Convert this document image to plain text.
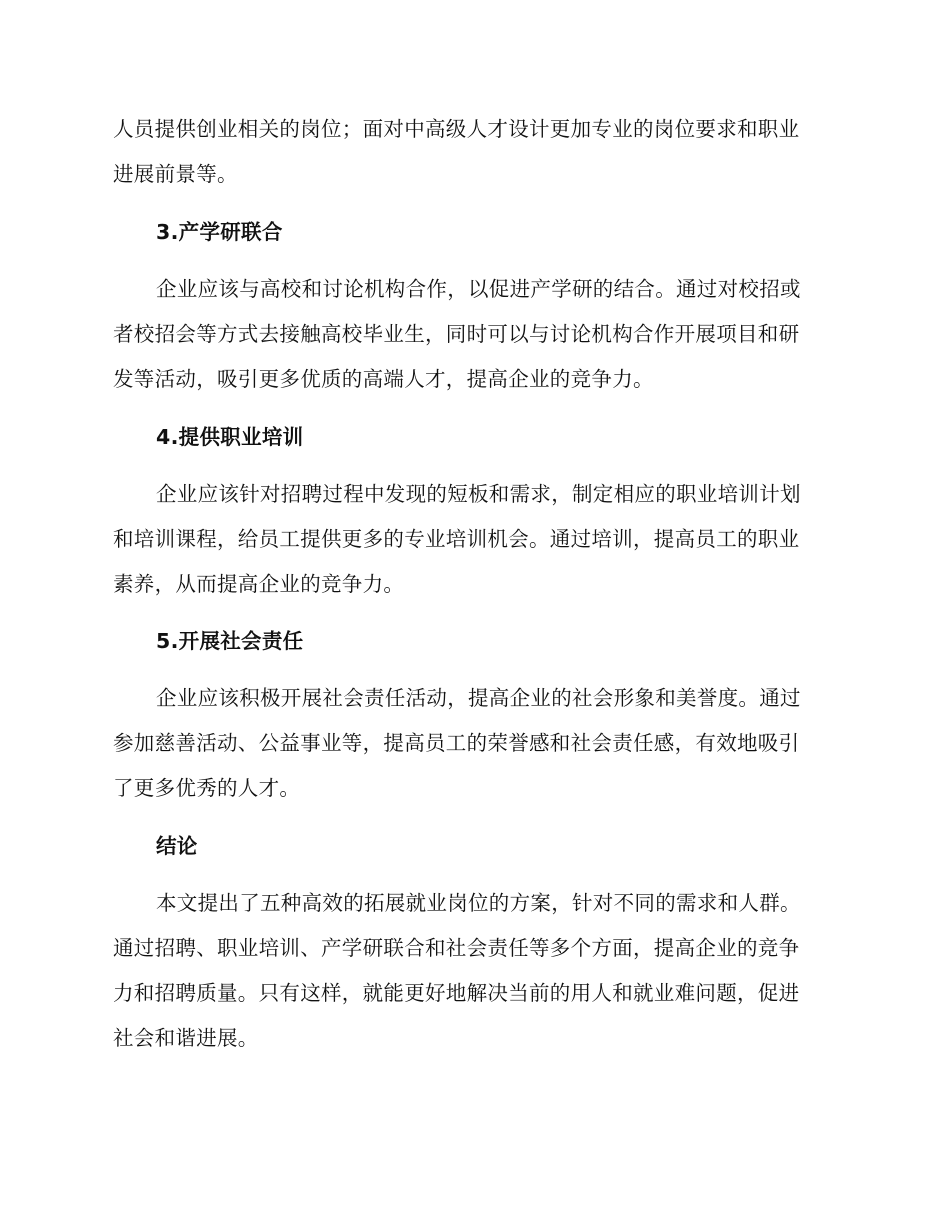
人员提供创业相关的岗位；面对中高级人才设计更加专业的岗位要求和职业
进展前景等。
3.产学研联合
企业应该与高校和讨论机构合作，以促进产学研的结合。通过对校招或
者校招会等方式去接触高校毕业生，同时可以与讨论机构合作开展项目和研
发等活动，吸引更多优质的高端人才，提高企业的竞争力。
4.提供职业培训
企业应该针对招聘过程中发现的短板和需求，制定相应的职业培训计划
和培训课程，给员工提供更多的专业培训机会。通过培训，提高员工的职业
素养，从而提高企业的竞争力。
5.开展社会责任
企业应该积极开展社会责任活动，提高企业的社会形象和美誉度。通过
参加慈善活动、公益事业等，提高员工的荣誉感和社会责任感，有效地吸引
了更多优秀的人才。
结论
本文提出了五种高效的拓展就业岗位的方案，针对不同的需求和人群。
通过招聘、职业培训、产学研联合和社会责任等多个方面，提高企业的竞争
力和招聘质量。只有这样，就能更好地解决当前的用人和就业难问题，促进
社会和谐进展。
